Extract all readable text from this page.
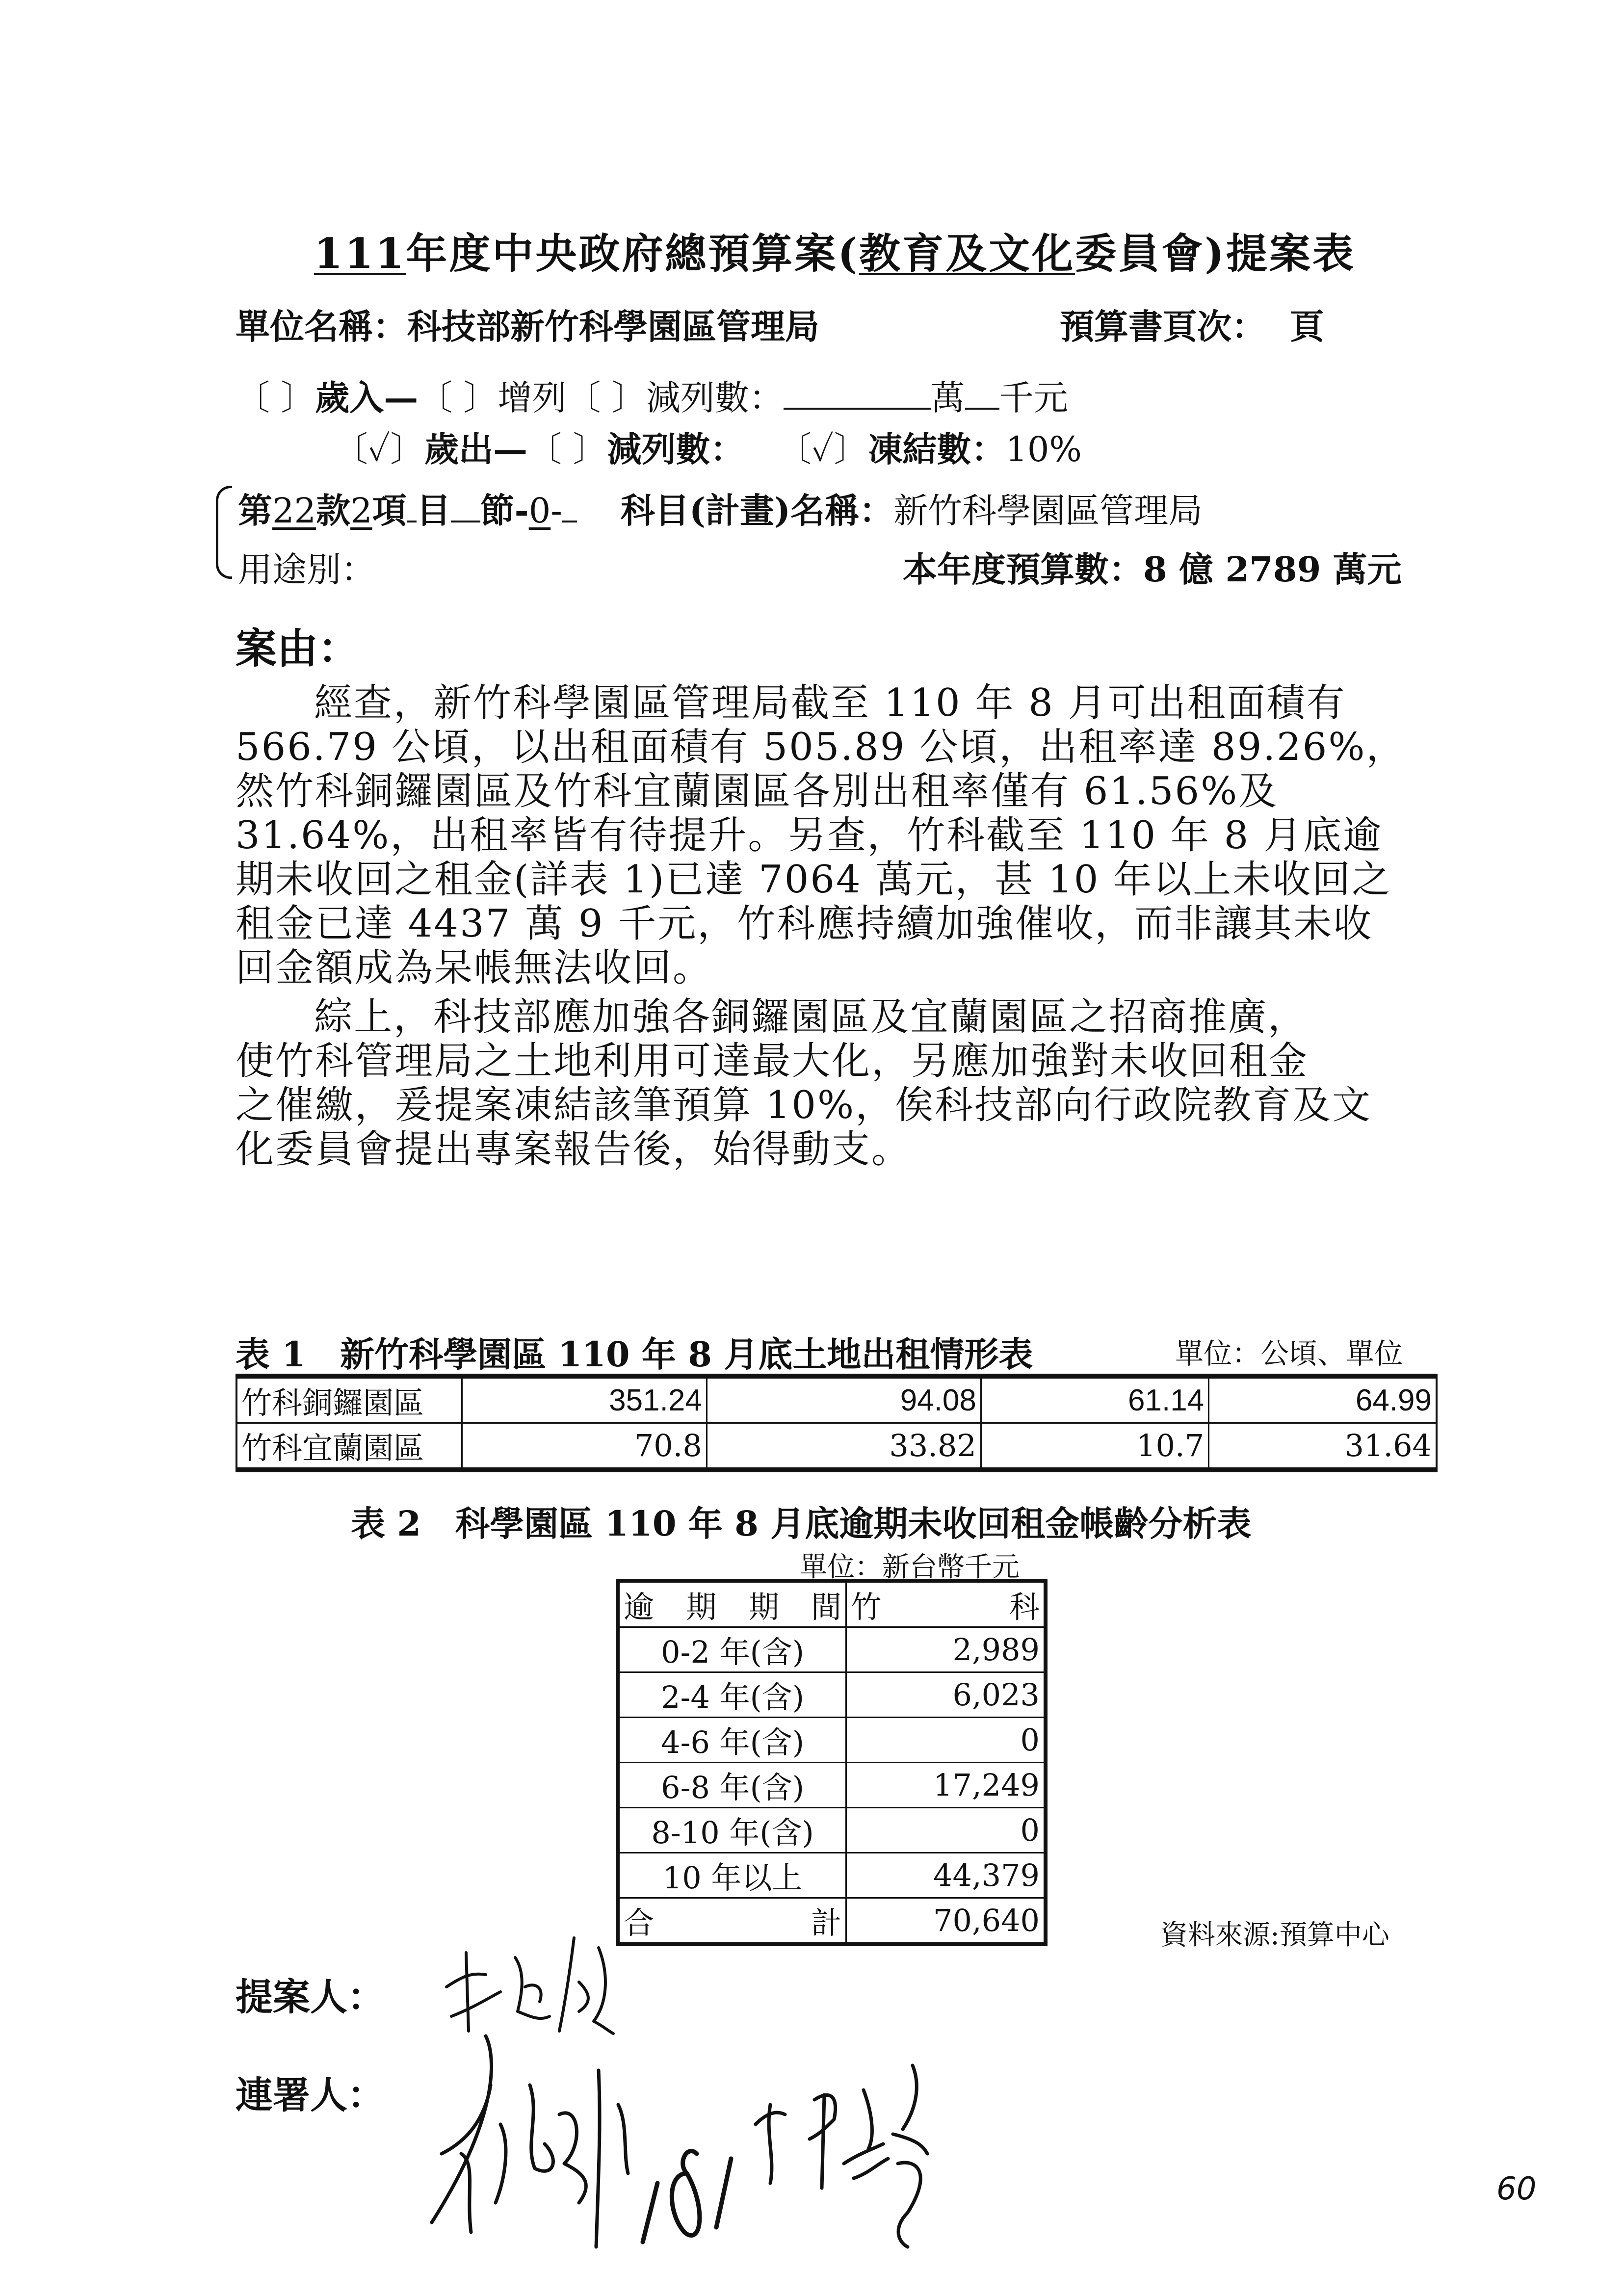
111年度中央政府總預算案(教育及文化委員會)提案表
單位名稱：科技部新竹科學園區管理局	預算書頁次： 頁
〔 〕歲入—〔 〕增列〔 〕減列數：	萬 千元
〔✓〕歲出—〔 〕減列數： 〔✓〕凍結數：10%
第22款2項 目 節-0- 科目(計畫)名稱：新竹科學園區管理局
用途別：	本年度預算數：8 億 2789 萬元
案由：
經查，新竹科學園區管理局截至 110 年 8 月可出租面積有
566.79 公頃，以出租面積有 505.89 公頃，出租率達 89.26%，
然竹科銅鑼園區及竹科宜蘭園區各別出租率僅有 61.56%及
31.64%，出租率皆有待提升。另查，竹科截至 110 年 8 月底逾
期未收回之租金(詳表 1)已達 7064 萬元，甚 10 年以上未收回之
租金已達 4437 萬 9 千元，竹科應持續加強催收，而非讓其未收
回金額成為呆帳無法收回。
綜上，科技部應加強各銅鑼園區及宜蘭園區之招商推廣，
使竹科管理局之土地利用可達最大化，另應加強對未收回租金
之催繳，爰提案凍結該筆預算 10%，俟科技部向行政院教育及文
化委員會提出專案報告後，始得動支。
表 1　新竹科學園區 110 年 8 月底土地出租情形表	單位：公頃、單位
竹科銅鑼園區	351.24	94.08	61.14	64.99
竹科宜蘭園區	70.8	33.82	10.7	31.64
表 2　科學園區 110 年 8 月底逾期未收回租金帳齡分析表
單位：新台幣千元
逾 期 期 間	竹 科

0-2 年(含)	2,989
2-4 年(含)	6,023
4-6 年(含)	0
6-8 年(含)	17,249
8-10 年(含)	0
10 年以上	44,379

合 計	70,640	資料來源:預算中心
提案人：
連署人：
60
